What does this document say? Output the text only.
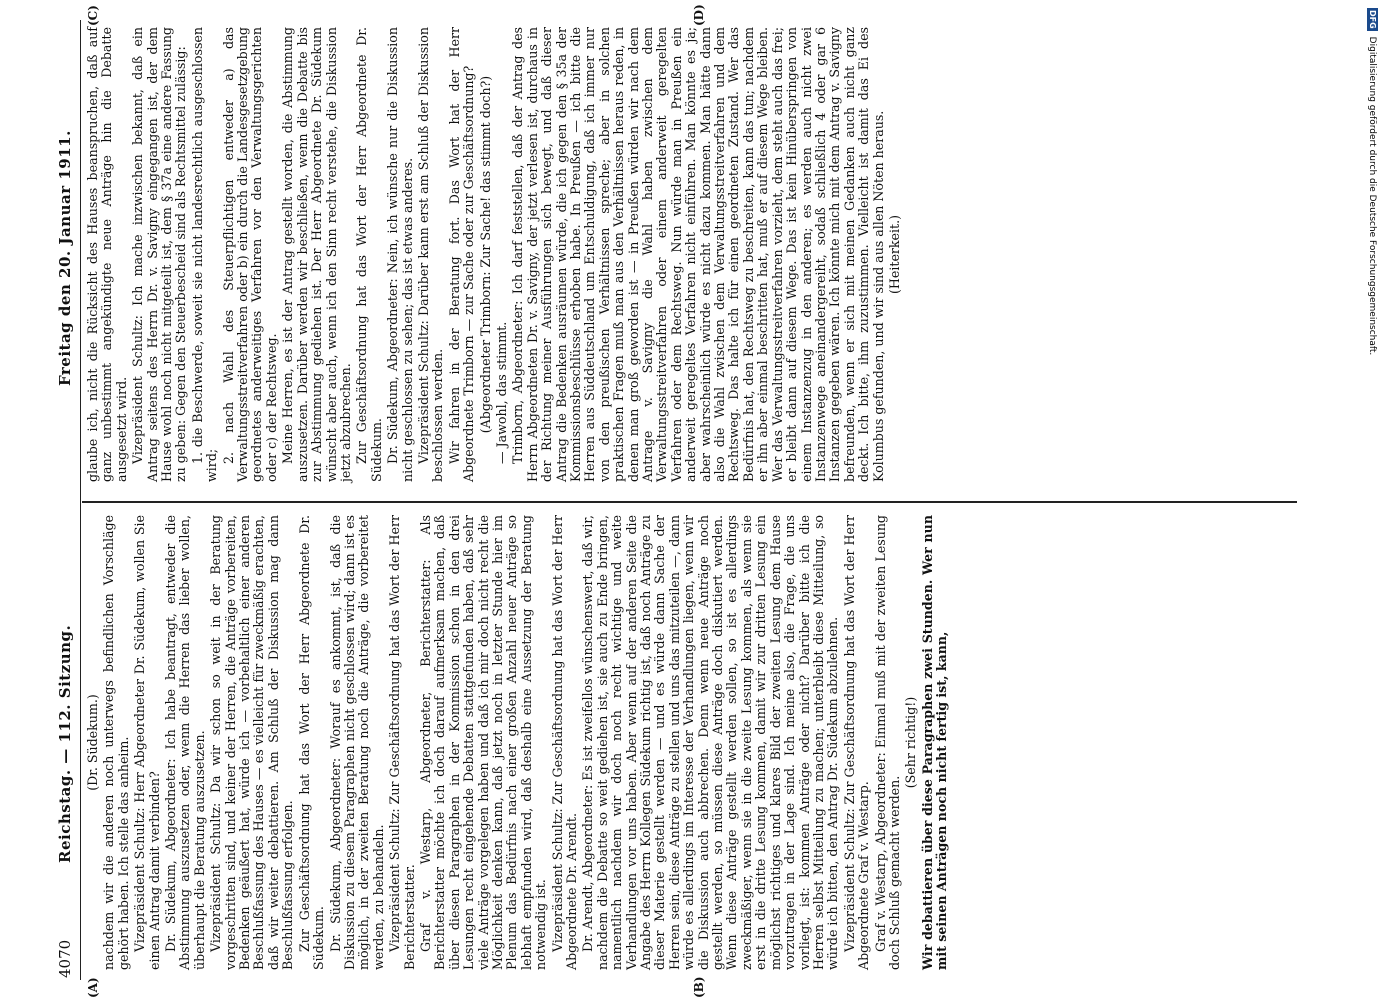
4070
Reichstag. — 112. Sitzung.
Freitag den 20. Januar 1911.
(A)	(B)
(C)	(D)

(Dr. Südekum.) nachdem wir die anderen noch unterwegs befindlichen Vorschläge gehört haben. Ich stelle das anheim. Vizepräsident Schultz: Herr Abgeordneter Dr. Südekum, wollen Sie einen Antrag damit verbinden? Dr. Südekum, Abgeordneter: Ich habe beantragt, entweder die Abstimmung auszusetzen oder, wenn die Herren das lieber wollen, überhaupt die Beratung auszusetzen. Vizepräsident Schultz: Da wir schon so weit in der Beratung vorgeschritten sind, und keiner der Herren, die Anträge vorbereiten, Bedenken geäußert hat, würde ich — vorbehaltlich einer anderen Beschlußfassung des Hauses — es vielleicht für zweckmäßig erachten, daß wir weiter debattieren. Am Schluß der Diskussion mag dann Beschlußfassung erfolgen. Zur Geschäftsordnung hat das Wort der Herr Abgeordnete Dr. Südekum. Dr. Südekum, Abgeordneter: Worauf es ankommt, ist, daß die Diskussion zu diesem Paragraphen nicht geschlossen wird; dann ist es möglich, in der zweiten Beratung noch die Anträge, die vorbereitet werden, zu behandeln. Vizepräsident Schultz: Zur Geschäftsordnung hat das Wort der Herr Berichterstatter. Graf v. Westarp, Abgeordneter, Berichterstatter: Als Berichterstatter möchte ich doch darauf aufmerksam machen, daß über diesen Paragraphen in der Kommission schon in den drei Lesungen recht eingehende Debatten stattgefunden haben, daß sehr viele Anträge vorgelegen haben und daß ich mir doch nicht recht die Möglichkeit denken kann, daß jetzt noch in letzter Stunde hier im Plenum das Bedürfnis nach einer großen Anzahl neuer Anträge so lebhaft empfunden wird, daß deshalb eine Aussetzung der Beratung notwendig ist. Vizepräsident Schultz: Zur Geschäftsordnung hat das Wort der Herr Abgeordnete Dr. Arendt. Dr. Arendt, Abgeordneter: Es ist zweifellos wünschenswert, daß wir, nachdem die Debatte so weit gediehen ist, sie auch zu Ende bringen, namentlich nachdem wir doch noch recht wichtige und weite Verhandlungen vor uns haben. Aber wenn auf der anderen Seite die Angabe des Herrn Kollegen Südekum richtig ist, daß noch Anträge zu dieser Materie gestellt werden — und es würde dann Sache der Herren sein, diese Anträge zu stellen und uns das mitzuteilen —, dann würde es allerdings im Interesse der Verhandlungen liegen, wenn wir die Diskussion auch abbrechen. Denn wenn neue Anträge noch gestellt werden, so müssen diese Anträge doch diskutiert werden. Wenn diese Anträge gestellt werden sollen, so ist es allerdings zweckmäßiger, wenn sie in die zweite Lesung kommen, als wenn sie erst in die dritte Lesung kommen, damit wir zur dritten Lesung ein möglichst richtiges und klares Bild der zweiten Lesung dem Hause vorzutragen in der Lage sind. Ich meine also, die Frage, die uns vorliegt, ist: kommen Anträge oder nicht? Darüber bitte ich die Herren selbst Mitteilung zu machen; unterbleibt diese Mitteilung, so würde ich bitten, den Antrag Dr. Südekum abzulehnen. Vizepräsident Schultz: Zur Geschäftsordnung hat das Wort der Herr Abgeordnete Graf v. Westarp. Graf v. Westarp, Abgeordneter: Einmal muß mit der zweiten Lesung doch Schluß gemacht werden.

(Sehr richtig!) Wir debattieren über diese Paragraphen zwei Stunden. Wer nun mit seinen Anträgen noch nicht fertig ist, kann,

glaube ich, nicht die Rücksicht des Hauses beanspruchen, daß auf ganz unbestimmt angekündigte neue Anträge hin die Debatte ausgesetzt wird. Vizepräsident Schultz: Ich mache inzwischen bekannt, daß ein Antrag seitens des Herrn Dr. v. Savigny eingegangen ist, der dem Hause wohl noch nicht mitgeteilt ist, dem § 37a eine andere Fassung zu geben: Gegen den Steuerbescheid sind als Rechtsmittel zulässig: 1. die Beschwerde, soweit sie nicht landesrechtlich ausgeschlossen wird;

2. nach Wahl des Steuerpflichtigen entweder a) das Verwaltungsstreitverfahren oder b) ein durch die Landesgesetzgebung geordnetes anderweitiges Verfahren vor den Verwaltungsgerichten oder c) der Rechtsweg. Meine Herren, es ist der Antrag gestellt worden, die Abstimmung auszusetzen. Darüber werden wir beschließen, wenn die Debatte bis zur Abstimmung gediehen ist. Der Herr Abgeordnete Dr. Südekum wünscht aber auch, wenn ich den Sinn recht verstehe, die Diskussion jetzt abzubrechen. Zur Geschäftsordnung hat das Wort der Herr Abgeordnete Dr. Südekum. Dr. Südekum, Abgeordneter: Nein, ich wünsche nur die Diskussion nicht geschlossen zu sehen; das ist etwas anderes. Vizepräsident Schultz: Darüber kann erst am Schluß der Diskussion beschlossen werden. Wir fahren in der Beratung fort. Das Wort hat der Herr Abgeordnete Trimborn — zur Sache oder zur Geschäftsordnung? (Abgeordneter Trimborn: Zur Sache! das stimmt doch?) — Jawohl, das stimmt. Trimborn, Abgeordneter: Ich darf feststellen, daß der Antrag des Herrn Abgeordneten Dr. v. Savigny, der jetzt verlesen ist, durchaus in der Richtung meiner Ausführungen sich bewegt, und daß dieser Antrag die Bedenken ausräumen würde, die ich gegen den § 35a der Kommissionsbeschlüsse erhoben habe. In Preußen — ich bitte die Herren aus Süddeutschland um Entschuldigung, daß ich immer nur von den preußischen Verhältnissen spreche; aber in solchen praktischen Fragen muß man aus den Verhältnissen heraus reden, in denen man groß geworden ist — in Preußen würden wir nach dem Antrage v. Savigny die Wahl haben zwischen dem Verwaltungsstreitverfahren oder einem anderweit geregelten Verfahren oder dem Rechtsweg. Nun würde man in Preußen ein anderweit geregeltes Verfahren nicht einführen. Man könnte es ja; aber wahrscheinlich würde es nicht dazu kommen. Man hätte dann also die Wahl zwischen dem Verwaltungsstreitverfahren und dem Rechtsweg. Das halte ich für einen geordneten Zustand. Wer das Bedürfnis hat, den Rechtsweg zu beschreiten, kann das tun; nachdem er ihn aber einmal beschritten hat, muß er auf diesem Wege bleiben. Wer das Verwaltungsstreitverfahren vorzieht, dem steht auch das frei; er bleibt dann auf diesem Wege. Das ist kein Hinüberspringen von einem Instanzenzug in den anderen; es werden auch nicht zwei Instanzenwege aneinandergereiht, sodaß schließlich 4 oder gar 6 Instanzen gegeben wären. Ich könnte mich mit dem Antrag v. Savigny befreunden, wenn er sich mit meinen Gedanken auch nicht ganz deckt. Ich bitte, ihm zuzustimmen. Vielleicht ist damit das Ei des Kolumbus gefunden, und wir sind aus allen Nöten heraus. (Heiterkeit.)

DFGDigitalisierung gefördert durch die Deutsche Forschungsgemeinschaft.
